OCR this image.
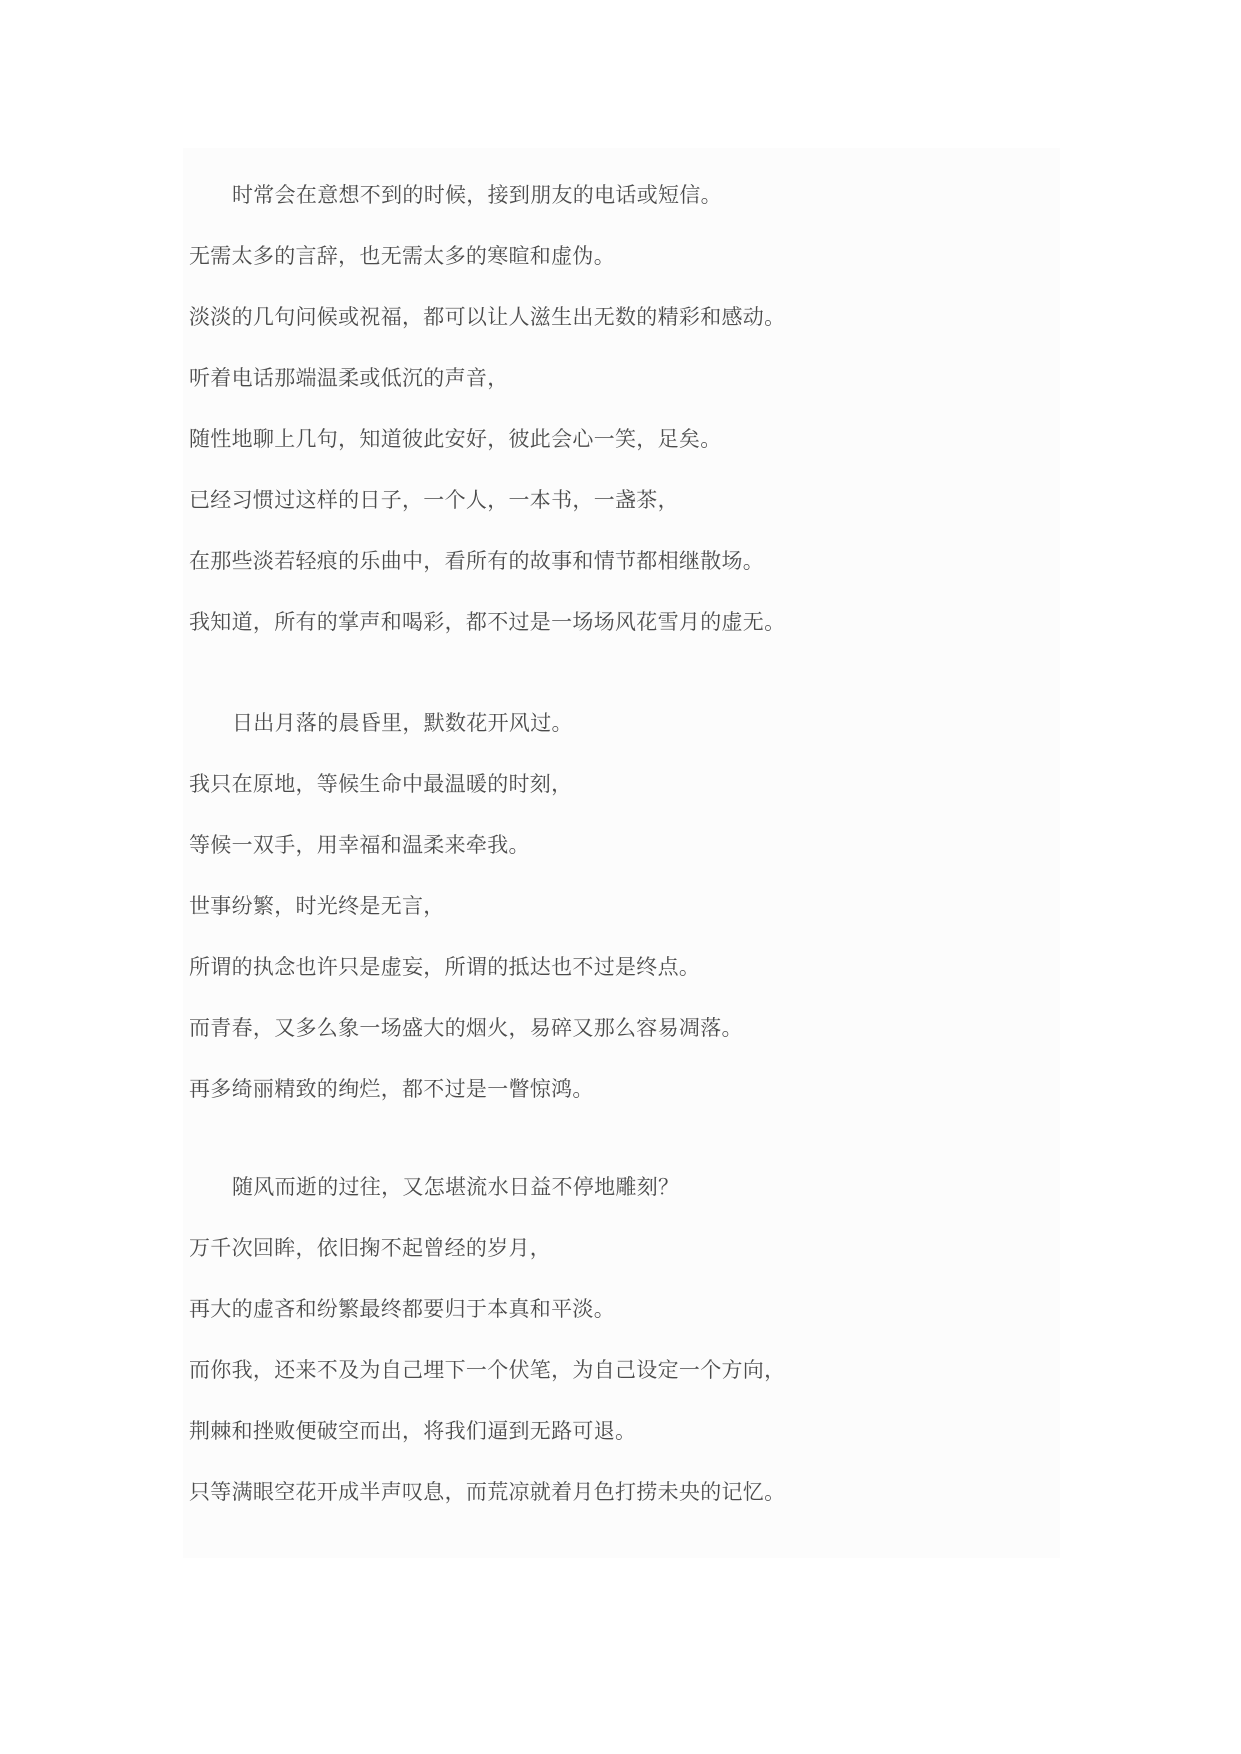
时常会在意想不到的时候，接到朋友的电话或短信。
无需太多的言辞，也无需太多的寒暄和虚伪。
淡淡的几句问候或祝福，都可以让人滋生出无数的精彩和感动。
听着电话那端温柔或低沉的声音，
随性地聊上几句，知道彼此安好，彼此会心一笑，足矣。
已经习惯过这样的日子，一个人，一本书，一盏茶，
在那些淡若轻痕的乐曲中，看所有的故事和情节都相继散场。
我知道，所有的掌声和喝彩，都不过是一场场风花雪月的虚无。
日出月落的晨昏里，默数花开风过。
我只在原地，等候生命中最温暖的时刻，
等候一双手，用幸福和温柔来牵我。
世事纷繁，时光终是无言，
所谓的执念也许只是虚妄，所谓的抵达也不过是终点。
而青春，又多么象一场盛大的烟火，易碎又那么容易凋落。
再多绮丽精致的绚烂，都不过是一瞥惊鸿。
随风而逝的过往，又怎堪流水日益不停地雕刻？
万千次回眸，依旧掬不起曾经的岁月，
再大的虚吝和纷繁最终都要归于本真和平淡。
而你我，还来不及为自己埋下一个伏笔，为自己设定一个方向，
荆棘和挫败便破空而出，将我们逼到无路可退。
只等满眼空花开成半声叹息，而荒凉就着月色打捞未央的记忆。
